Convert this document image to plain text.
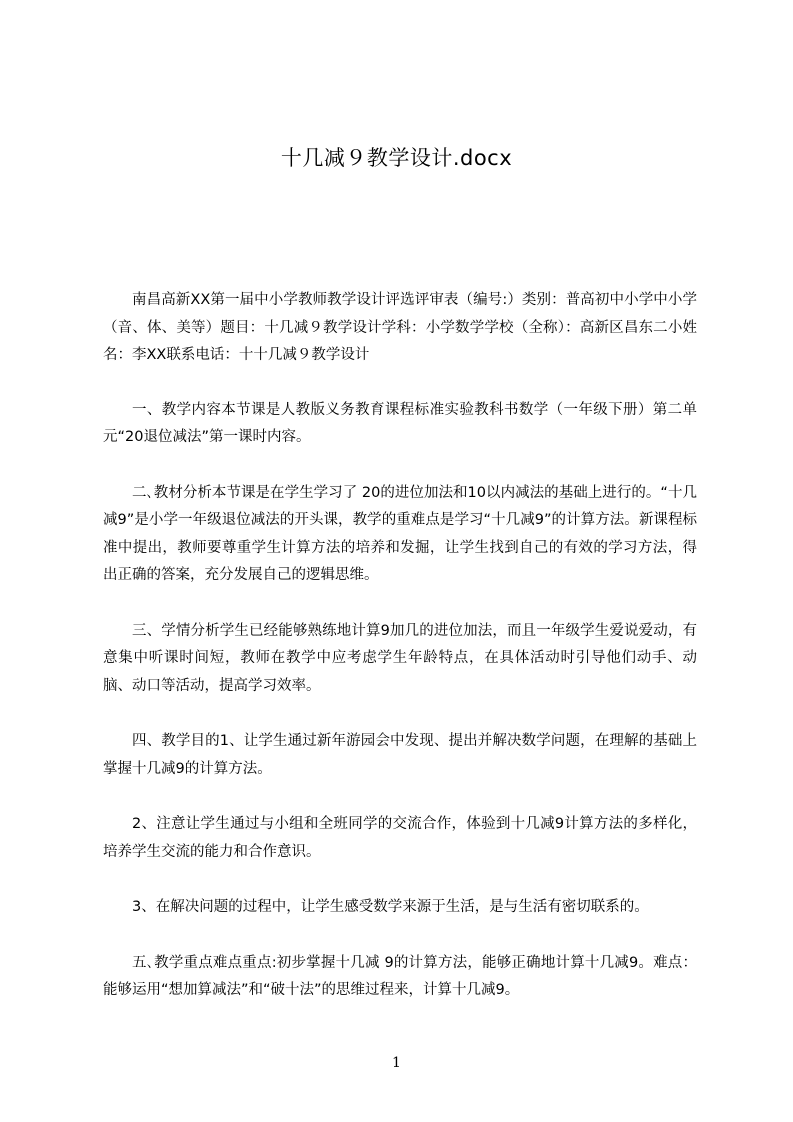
十几减９教学设计.docx

南昌高新XX第一届中小学教师教学设计评选评审表（编号:）类别：普高初中小学中小学（音、体、美等）题目：十几减９教学设计学科：小学数学学校（全称）：高新区昌东二小姓名：李XX联系电话：十十几减９教学设计

一、教学内容本节课是人教版义务教育课程标准实验教科书数学（一年级下册）第二单元“20退位减法”第一课时内容。

二､教材分析本节课是在学生学习了 20的进位加法和10以内减法的基础上进行的。“十几减9”是小学一年级退位减法的开头课，教学的重难点是学习“十几减9”的计算方法。新课程标准中提出，教师要尊重学生计算方法的培养和发掘，让学生找到自己的有效的学习方法，得出正确的答案，充分发展自己的逻辑思维。

三、学情分析学生已经能够熟练地计算9加几的进位加法，而且一年级学生爱说爱动，有意集中听课时间短，教师在教学中应考虑学生年龄特点，在具体活动时引导他们动手、动脑、动口等活动，提高学习效率。

四、教学目的1、让学生通过新年游园会中发现、提出并解决数学问题，在理解的基础上掌握十几减9的计算方法。

2、注意让学生通过与小组和全班同学的交流合作，体验到十几减9计算方法的多样化，培养学生交流的能力和合作意识。

3、在解决问题的过程中，让学生感受数学来源于生活，是与生活有密切联系的。

五､教学重点难点重点:初步掌握十几减 9的计算方法，能够正确地计算十几减9。难点：能够运用“想加算减法”和“破十法”的思维过程来，计算十几减9。

1
